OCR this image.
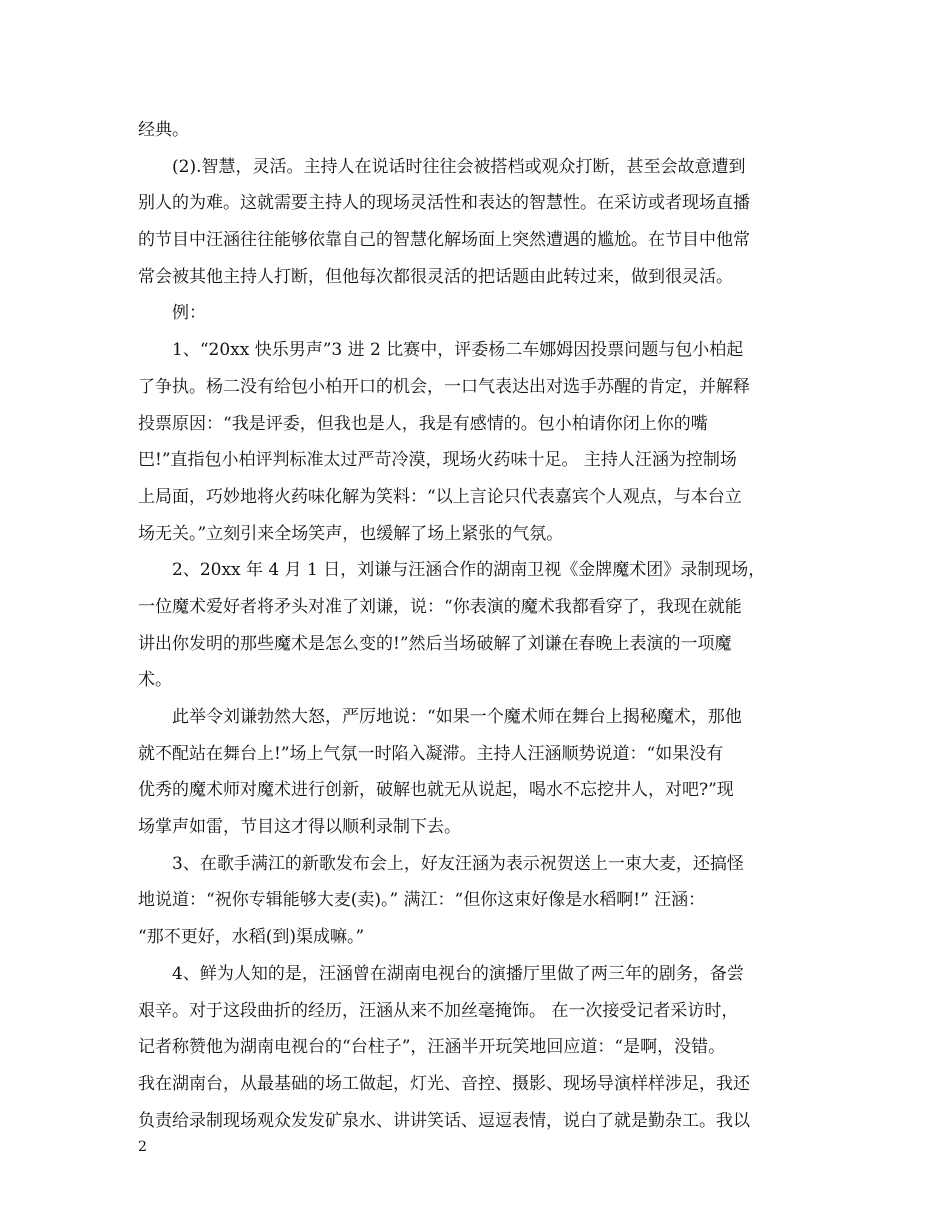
经典。
(2).智慧，灵活。主持人在说话时往往会被搭档或观众打断，甚至会故意遭到
别人的为难。这就需要主持人的现场灵活性和表达的智慧性。在采访或者现场直播
的节目中汪涵往往能够依靠自己的智慧化解场面上突然遭遇的尴尬。在节目中他常
常会被其他主持人打断，但他每次都很灵活的把话题由此转过来，做到很灵活。
例：
1、“20xx 快乐男声”3 进 2 比赛中，评委杨二车娜姆因投票问题与包小柏起
了争执。杨二没有给包小柏开口的机会，一口气表达出对选手苏醒的肯定，并解释
投票原因：“我是评委，但我也是人，我是有感情的。包小柏请你闭上你的嘴
巴!”直指包小柏评判标准太过严苛冷漠，现场火药味十足。 主持人汪涵为控制场
上局面，巧妙地将火药味化解为笑料：“以上言论只代表嘉宾个人观点，与本台立
场无关。”立刻引来全场笑声，也缓解了场上紧张的气氛。
2、20xx 年 4 月 1 日，刘谦与汪涵合作的湖南卫视《金牌魔术团》录制现场，
一位魔术爱好者将矛头对准了刘谦，说：“你表演的魔术我都看穿了，我现在就能
讲出你发明的那些魔术是怎么变的!”然后当场破解了刘谦在春晚上表演的一项魔
术。
此举令刘谦勃然大怒，严厉地说：“如果一个魔术师在舞台上揭秘魔术，那他
就不配站在舞台上!”场上气氛一时陷入凝滞。主持人汪涵顺势说道：“如果没有
优秀的魔术师对魔术进行创新，破解也就无从说起，喝水不忘挖井人，对吧?”现
场掌声如雷，节目这才得以顺利录制下去。
3、在歌手满江的新歌发布会上，好友汪涵为表示祝贺送上一束大麦，还搞怪
地说道：“祝你专辑能够大麦(卖)。” 满江：“但你这束好像是水稻啊!” 汪涵：
“那不更好，水稻(到)渠成嘛。”
4、鲜为人知的是，汪涵曾在湖南电视台的演播厅里做了两三年的剧务，备尝
艰辛。对于这段曲折的经历，汪涵从来不加丝毫掩饰。 在一次接受记者采访时，
记者称赞他为湖南电视台的“台柱子”，汪涵半开玩笑地回应道：“是啊，没错。
我在湖南台，从最基础的场工做起，灯光、音控、摄影、现场导演样样涉足，我还
负责给录制现场观众发发矿泉水、讲讲笑话、逗逗表情，说白了就是勤杂工。我以
2
